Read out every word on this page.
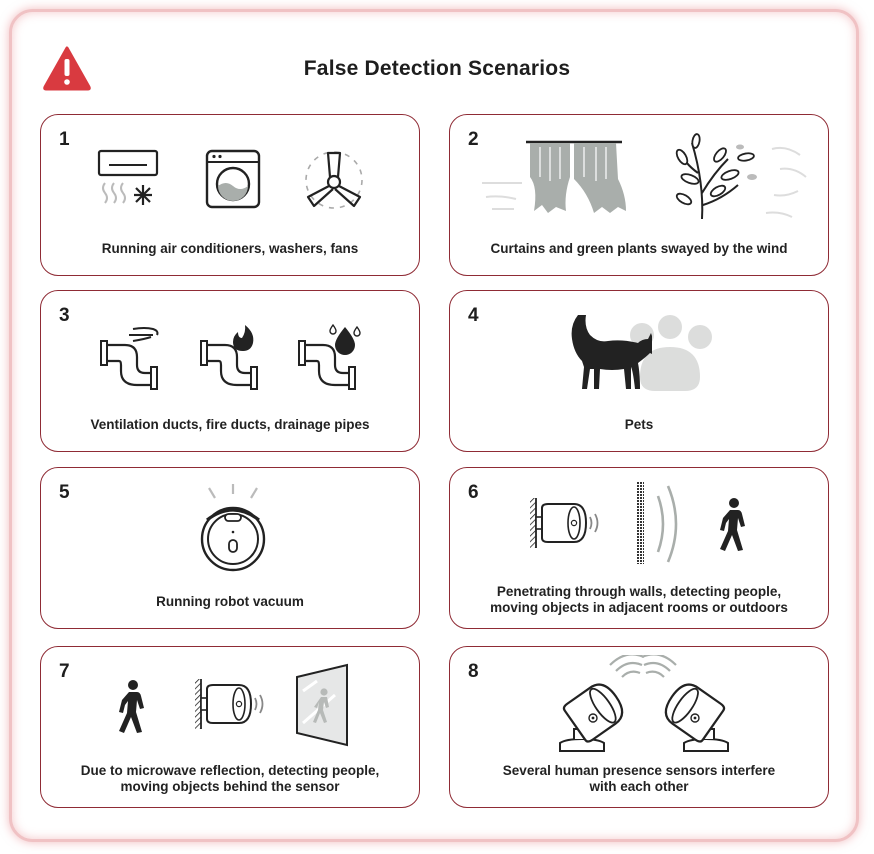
False Detection Scenarios
1
Running air conditioners, washers, fans
2
Curtains and green plants swayed by the wind
3
Ventilation ducts, fire ducts, drainage pipes
4
Pets
5
Running robot vacuum
6
Penetrating through walls, detecting people,
moving objects in adjacent rooms or outdoors
7
Due to microwave reflection, detecting people,
moving objects behind the sensor
8
Several human presence sensors interfere
with each other
